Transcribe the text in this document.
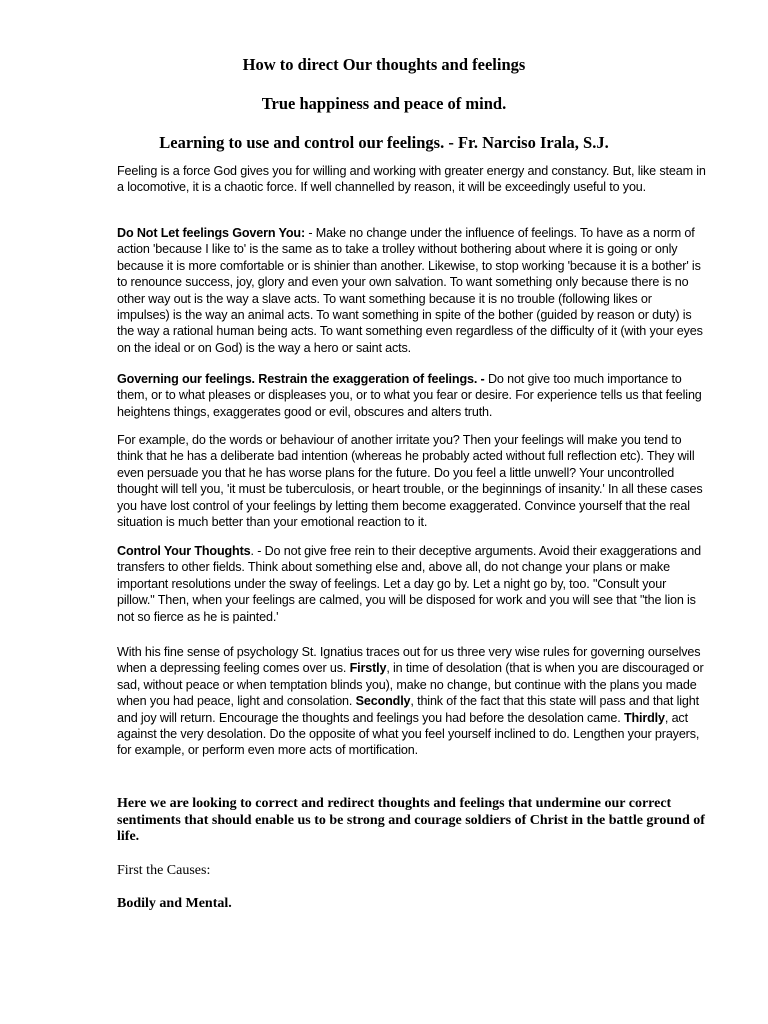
How to direct Our thoughts and feelings
True happiness and peace of mind.
Learning to use and control our feelings. - Fr. Narciso Irala, S.J.

Feeling is a force God gives you for willing and working with greater energy and constancy. But, like steam in a locomotive, it is a chaotic force. If well channelled by reason, it will be exceedingly useful to you.

Do Not Let feelings Govern You: - Make no change under the influence of feelings. To have as a norm of action 'because I like to' is the same as to take a trolley without bothering about where it is going or only because it is more comfortable or is shinier than another. Likewise, to stop working 'because it is a bother' is to renounce success, joy, glory and even your own salvation. To want something only because there is no other way out is the way a slave acts. To want something because it is no trouble (following likes or impulses) is the way an animal acts. To want something in spite of the bother (guided by reason or duty) is the way a rational human being acts. To want something even regardless of the difficulty of it (with your eyes on the ideal or on God) is the way a hero or saint acts.

Governing our feelings. Restrain the exaggeration of feelings. - Do not give too much importance to them, or to what pleases or displeases you, or to what you fear or desire. For experience tells us that feeling heightens things, exaggerates good or evil, obscures and alters truth.

For example, do the words or behaviour of another irritate you? Then your feelings will make you tend to think that he has a deliberate bad intention (whereas he probably acted without full reflection etc). They will even persuade you that he has worse plans for the future. Do you feel a little unwell? Your uncontrolled thought will tell you, 'it must be tuberculosis, or heart trouble, or the beginnings of insanity.' In all these cases you have lost control of your feelings by letting them become exaggerated. Convince yourself that the real situation is much better than your emotional reaction to it.

Control Your Thoughts. - Do not give free rein to their deceptive arguments. Avoid their exaggerations and transfers to other fields. Think about something else and, above all, do not change your plans or make important resolutions under the sway of feelings. Let a day go by. Let a night go by, too. "Consult your pillow." Then, when your feelings are calmed, you will be disposed for work and you will see that "the lion is not so fierce as he is painted.'

With his fine sense of psychology St. Ignatius traces out for us three very wise rules for governing ourselves when a depressing feeling comes over us. Firstly, in time of desolation (that is when you are discouraged or sad, without peace or when temptation blinds you), make no change, but continue with the plans you made when you had peace, light and consolation. Secondly, think of the fact that this state will pass and that light and joy will return. Encourage the thoughts and feelings you had before the desolation came. Thirdly, act against the very desolation. Do the opposite of what you feel yourself inclined to do. Lengthen your prayers, for example, or perform even more acts of mortification.

Here we are looking to correct and redirect thoughts and feelings that undermine our correct sentiments that should enable us to be strong and courage soldiers of Christ in the battle ground of life.

First the Causes:

Bodily and Mental.
